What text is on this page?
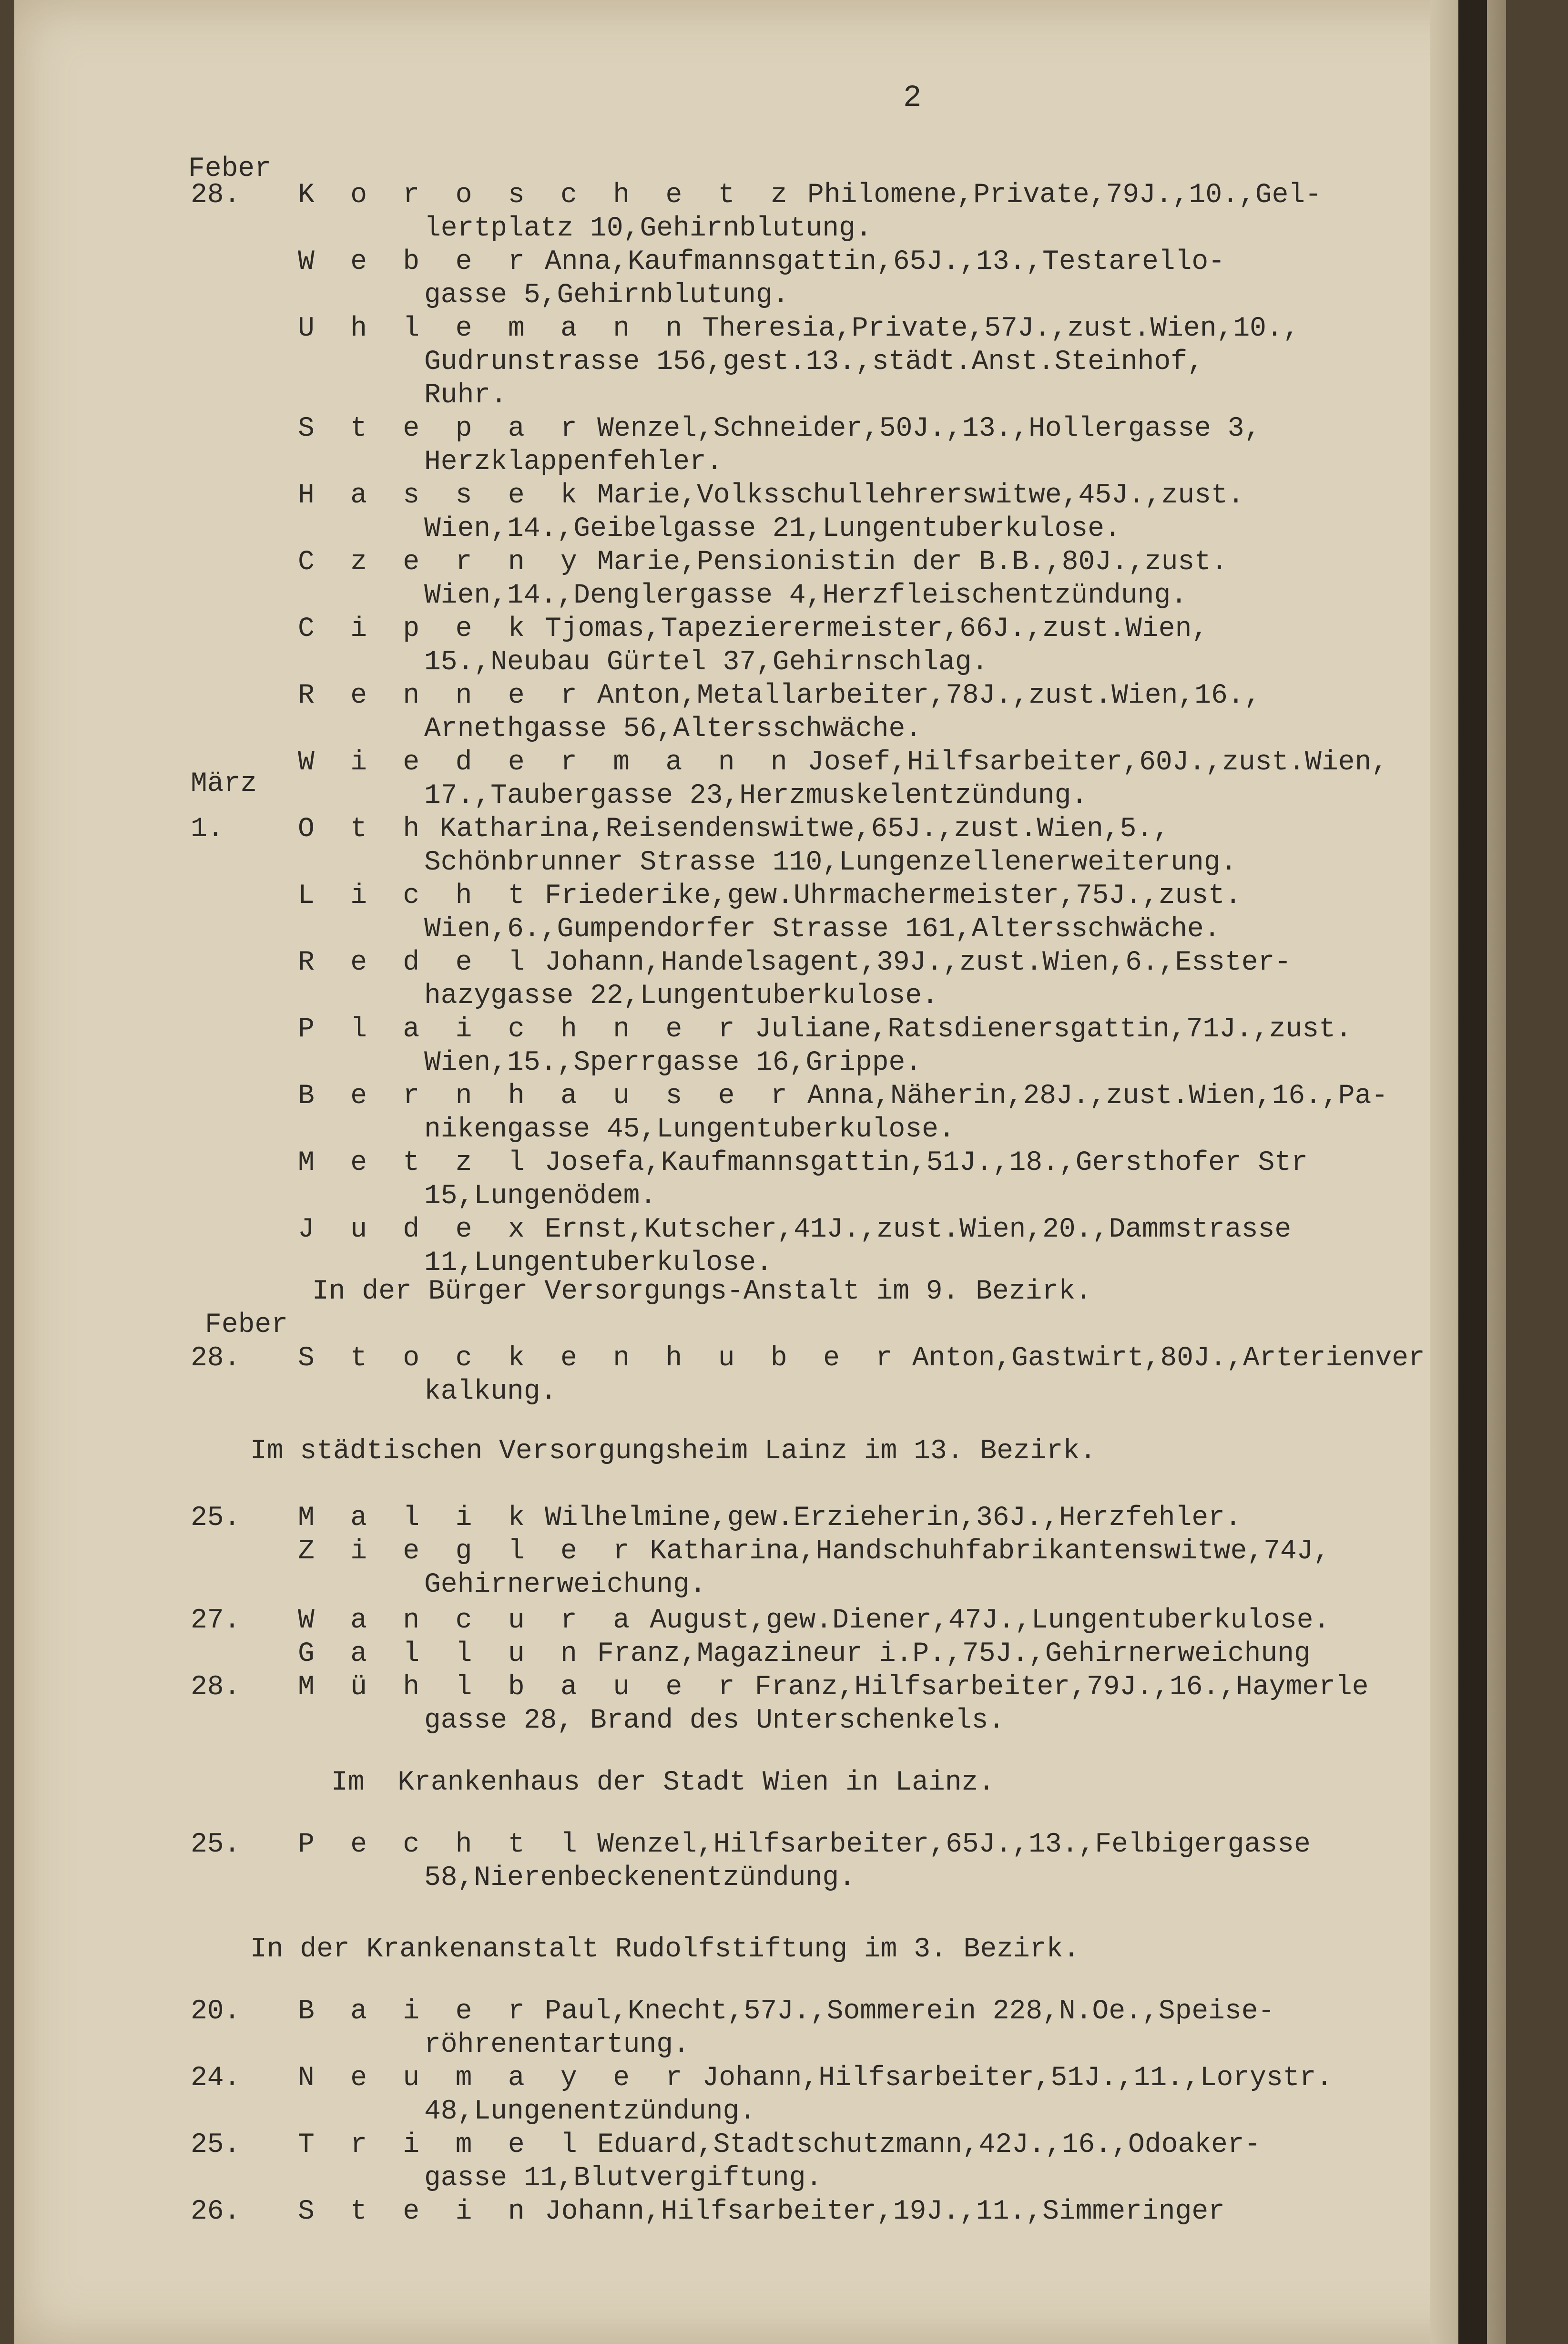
2
Feber
März
Feber
28. K o r o s c h e t z Philomene,Private,79J.,10.,Gel-
lertplatz 10,Gehirnblutung.
W e b e r Anna,Kaufmannsgattin,65J.,13.,Testarello-
gasse 5,Gehirnblutung.
U h l e m a n n Theresia,Private,57J.,zust.Wien,10.,
Gudrunstrasse 156,gest.13.,städt.Anst.Steinhof,
Ruhr.
S t e p a r Wenzel,Schneider,50J.,13.,Hollergasse 3,
Herzklappenfehler.
H a s s e k Marie,Volksschullehrerswitwe,45J.,zust.
Wien,14.,Geibelgasse 21,Lungentuberkulose.
C z e r n y Marie,Pensionistin der B.B.,80J.,zust.
Wien,14.,Denglergasse 4,Herzfleischentzündung.
C i p e k Tjomas,Tapezierermeister,66J.,zust.Wien,
15.,Neubau Gürtel 37,Gehirnschlag.
R e n n e r Anton,Metallarbeiter,78J.,zust.Wien,16.,
Arnethgasse 56,Altersschwäche.
W i e d e r m a n n Josef,Hilfsarbeiter,60J.,zust.Wien,
17.,Taubergasse 23,Herzmuskelentzündung.
1.	O t h Katharina,Reisendenswitwe,65J.,zust.Wien,5.,
Schönbrunner Strasse 110,Lungenzellenerweiterung.
L i c h t Friederike,gew.Uhrmachermeister,75J.,zust.
Wien,6.,Gumpendorfer Strasse 161,Altersschwäche.
R e d e l Johann,Handelsagent,39J.,zust.Wien,6.,Esster-
hazygasse 22,Lungentuberkulose.
P l a i c h n e r Juliane,Ratsdienersgattin,71J.,zust.
Wien,15.,Sperrgasse 16,Grippe.
B e r n h a u s e r Anna,Näherin,28J.,zust.Wien,16.,Pa-
nikengasse 45,Lungentuberkulose.
M e t z l Josefa,Kaufmannsgattin,51J.,18.,Gersthofer Str
15,Lungenödem.
J u d e x Ernst,Kutscher,41J.,zust.Wien,20.,Dammstrasse
11,Lungentuberkulose.
In der Bürger Versorgungs-Anstalt im 9. Bezirk.
28. S t o c k e n h u b e r Anton,Gastwirt,80J.,Arterienver
kalkung.
Im städtischen Versorgungsheim Lainz im 13. Bezirk.
25. M a l i k Wilhelmine,gew.Erzieherin,36J.,Herzfehler.
Z i e g l e r Katharina,Handschuhfabrikantenswitwe,74J,
Gehirnerweichung.
27. W a n c u r a August,gew.Diener,47J.,Lungentuberkulose.
G a l l u n Franz,Magazineur i.P.,75J.,Gehirnerweichung
28. M ü h l b a u e r Franz,Hilfsarbeiter,79J.,16.,Haymerle
gasse 28, Brand des Unterschenkels.
Im  Krankenhaus der Stadt Wien in Lainz.
25. P e c h t l Wenzel,Hilfsarbeiter,65J.,13.,Felbigergasse
58,Nierenbeckenentzündung.
In der Krankenanstalt Rudolfstiftung im 3. Bezirk.
20. B a i e r Paul,Knecht,57J.,Sommerein 228,N.Oe.,Speise-
röhrenentartung.
24. N e u m a y e r Johann,Hilfsarbeiter,51J.,11.,Lorystr.
48,Lungenentzündung.
25. T r i m e l Eduard,Stadtschutzmann,42J.,16.,Odoaker-
gasse 11,Blutvergiftung.
26. S t e i n Johann,Hilfsarbeiter,19J.,11.,Simmeringer
